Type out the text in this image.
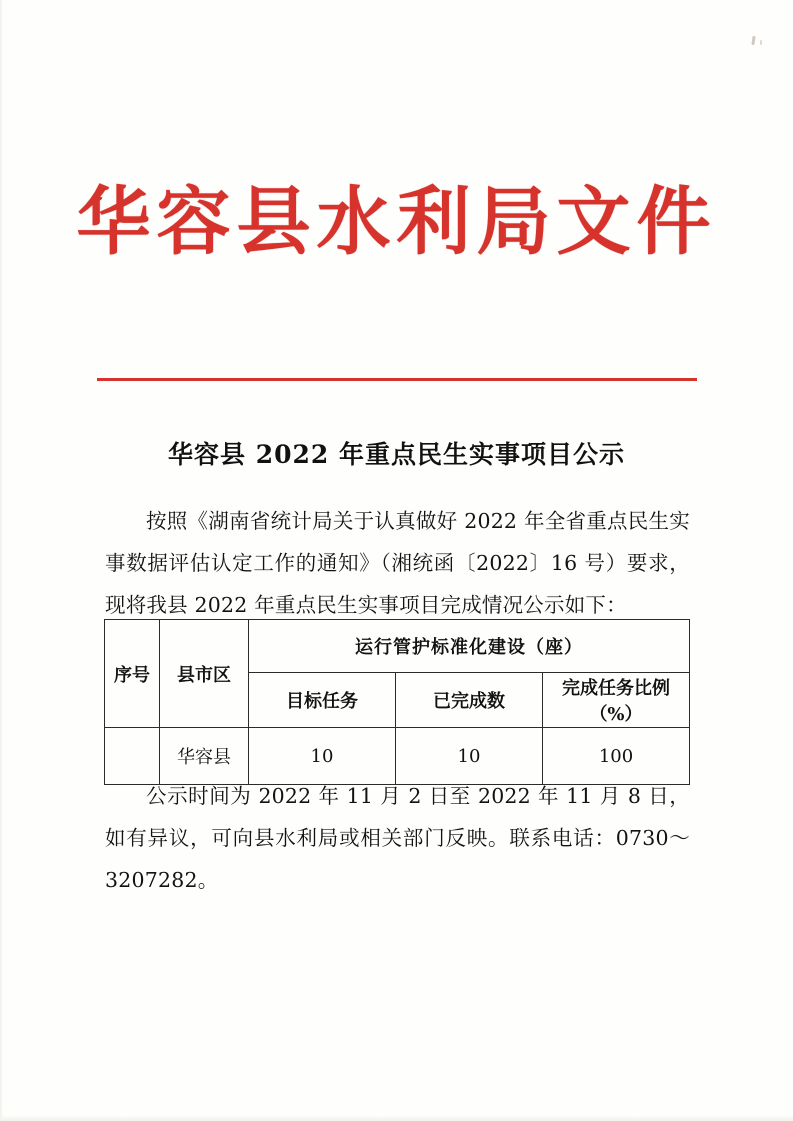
华容县水利局文件
华容县 2022 年重点民生实事项目公示

按照《湖南省统计局关于认真做好 2022 年全省重点民生实事数据评估认定工作的通知》（湘统函〔2022〕16 号）要求，现将我县 2022 年重点民生实事项目完成情况公示如下：

序号	县市区	运行管护标准化建设（座）		
		目标任务	已完成数	完成任务比例（%）
	华容县	10	10	100

公示时间为 2022 年 11 月 2 日至 2022 年 11 月 8 日，如有异议，可向县水利局或相关部门反映。联系电话：0730～3207282。
